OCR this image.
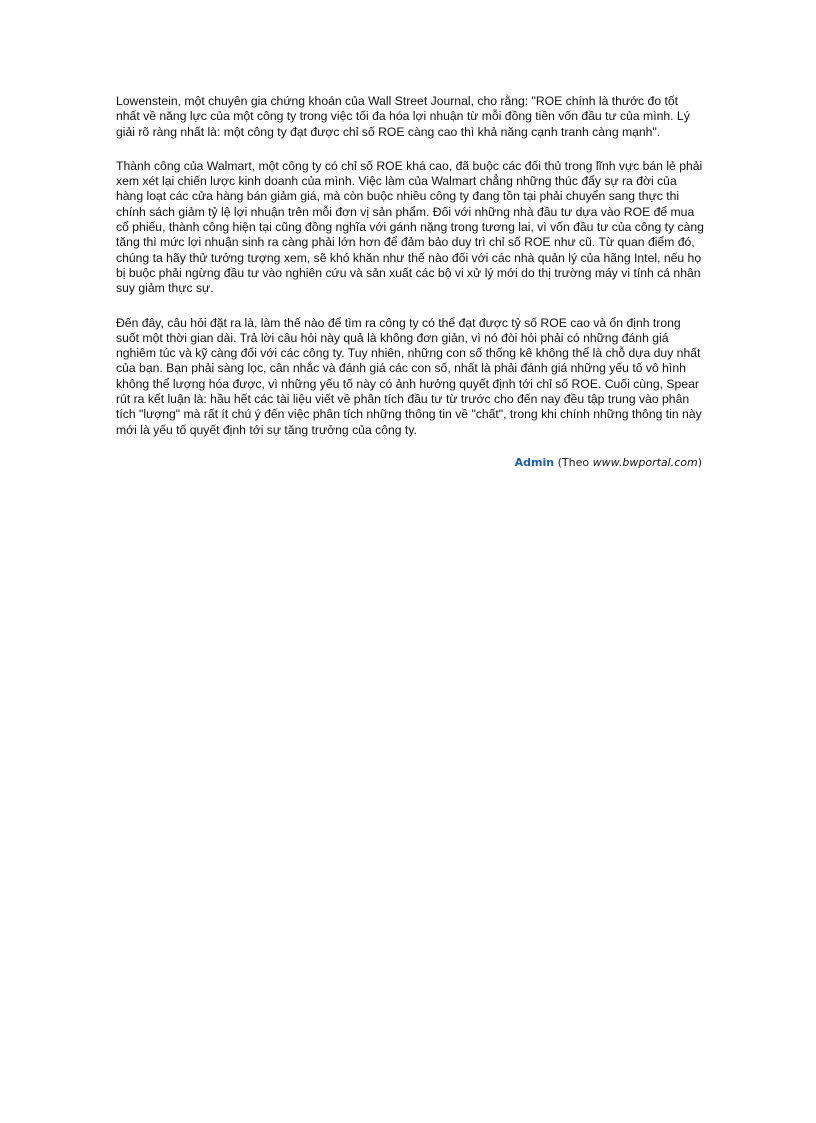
Lowenstein, một chuyên gia chứng khoán của Wall Street Journal, cho rằng: "ROE chính là thước đo tốt nhất về năng lực của một công ty trong việc tối đa hóa lợi nhuận từ mỗi đồng tiền vốn đầu tư của mình. Lý giải rõ ràng nhất là: một công ty đạt được chỉ số ROE càng cao thì khả năng cạnh tranh càng mạnh".

Thành công của Walmart, một công ty có chỉ số ROE khá cao, đã buộc các đối thủ trong lĩnh vực bán lẻ phải xem xét lại chiến lược kinh doanh của mình. Việc làm của Walmart chẳng những thúc đẩy sự ra đời của hàng loạt các cửa hàng bán giảm giá, mà còn buộc nhiều công ty đang tồn tại phải chuyển sang thực thi chính sách giảm tỷ lệ lợi nhuận trên mỗi đơn vị sản phẩm. Đối với những nhà đầu tư dựa vào ROE để mua cổ phiếu, thành công hiện tại cũng đồng nghĩa với gánh nặng trong tương lai, vì vốn đầu tư của công ty càng tăng thì mức lợi nhuận sinh ra càng phải lớn hơn để đảm bảo duy trì chỉ số ROE như cũ. Từ quan điểm đó, chúng ta hãy thử tưởng tượng xem, sẽ khó khăn như thế nào đối với các nhà quản lý của hãng Intel, nếu họ bị buộc phải ngừng đầu tư vào nghiên cứu và sản xuất các bộ vi xử lý mới do thị trường máy vi tính cá nhân suy giảm thực sự.

Đến đây, câu hỏi đặt ra là, làm thế nào để tìm ra công ty có thể đạt được tỷ số ROE cao và ổn định trong suốt một thời gian dài. Trả lời câu hỏi này quả là không đơn giản, vì nó đòi hỏi phải có những đánh giá nghiêm túc và kỹ càng đối với các công ty. Tuy nhiên, những con số thống kê không thể là chỗ dựa duy nhất của bạn. Bạn phải sàng lọc, cân nhắc và đánh giá các con số, nhất là phải đánh giá những yếu tố vô hình không thể lượng hóa được, vì những yếu tố này có ảnh hưởng quyết định tới chỉ số ROE. Cuối cùng, Spear rút ra kết luận là: hầu hết các tài liệu viết về phân tích đầu tư từ trước cho đến nay đều tập trung vào phân tích "lượng" mà rất ít chú ý đến việc phân tích những thông tin về "chất", trong khi chính những thông tin này mới là yếu tố quyết định tới sự tăng trưởng của công ty.

Admin (Theo www.bwportal.com)
